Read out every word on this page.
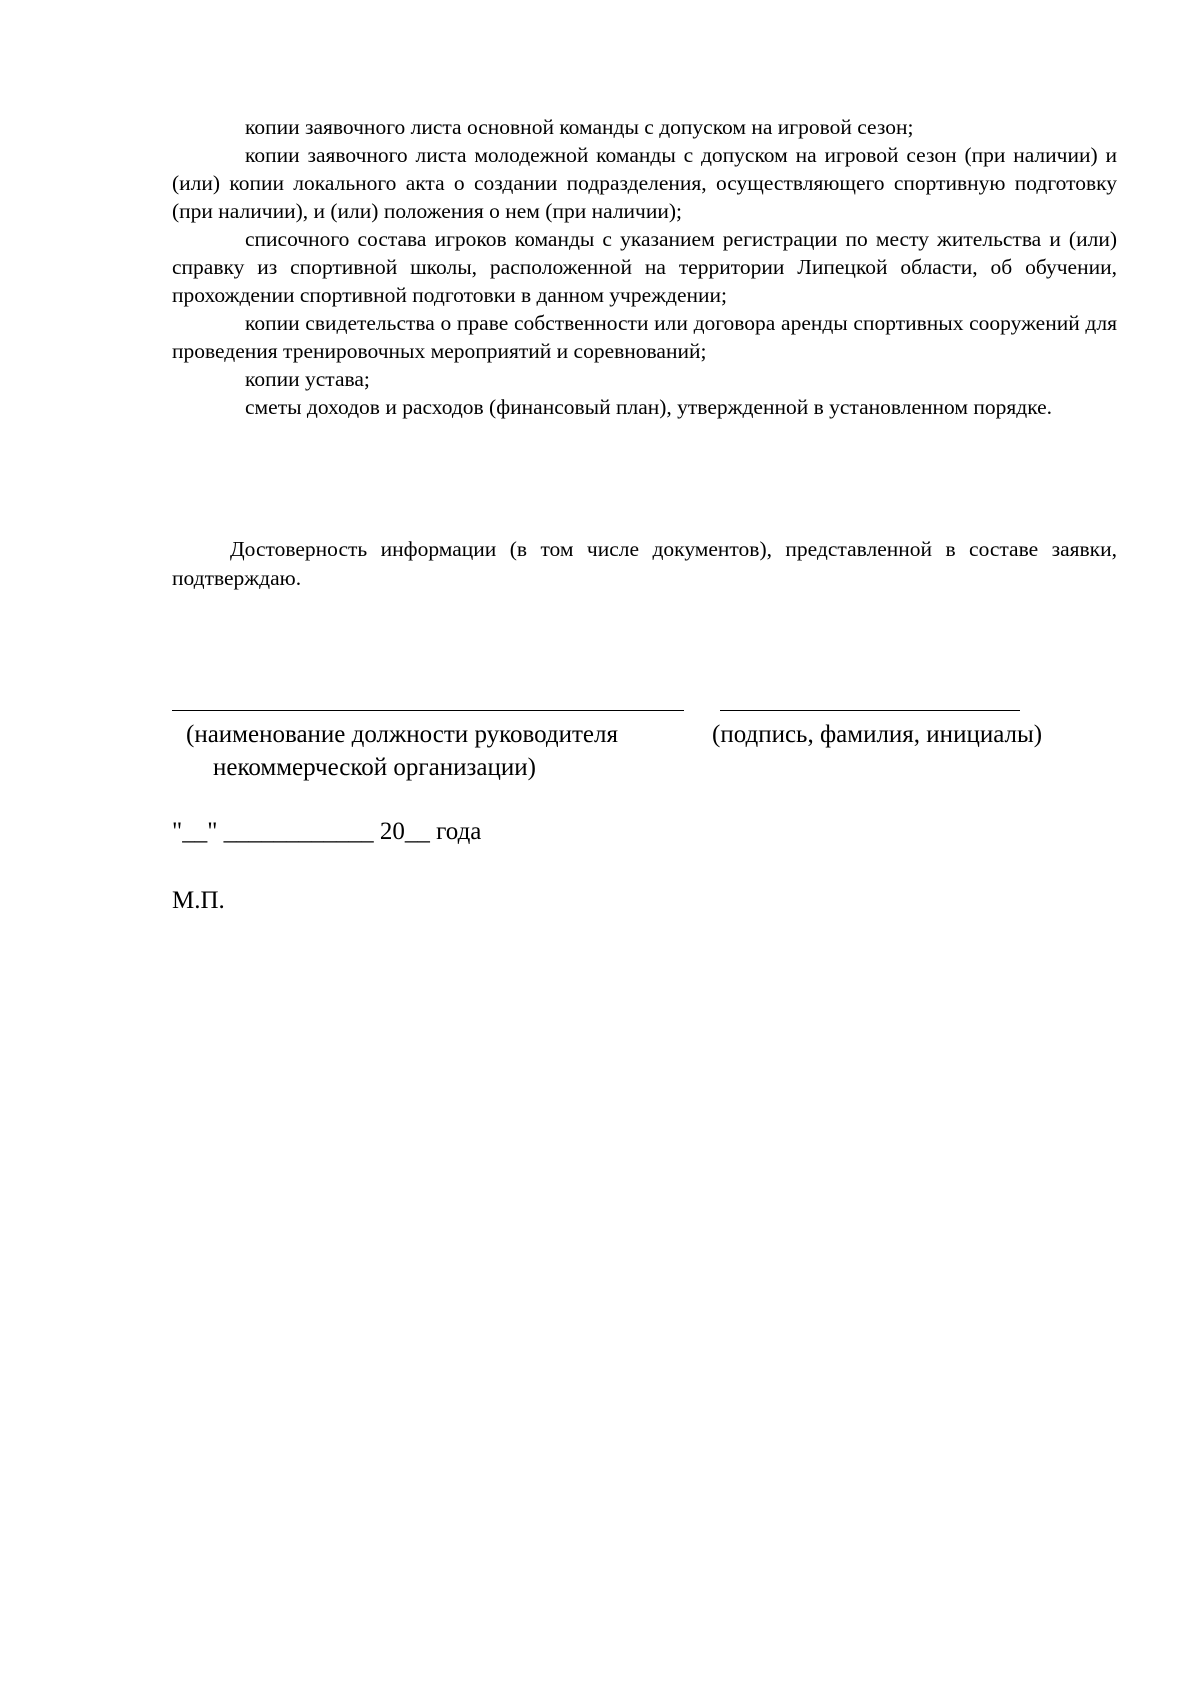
копии заявочного листа основной команды с допуском на игровой сезон;

копии заявочного листа молодежной команды с допуском на игровой сезон (при наличии) и (или) копии локального акта о создании подразделения, осуществляющего спортивную подготовку (при наличии), и (или) положения о нем (при наличии);

списочного состава игроков команды с указанием регистрации по месту жительства и (или) справку из спортивной школы, расположенной на территории Липецкой области, об обучении, прохождении спортивной подготовки в данном учреждении;

копии свидетельства о праве собственности или договора аренды спортивных сооружений для проведения тренировочных мероприятий и соревнований;

копии устава;

сметы доходов и расходов (финансовый план), утвержденной в установленном порядке.

Достоверность информации (в том числе документов), представленной в составе заявки, подтверждаю.

(наименование должности руководителя
некоммерческой организации)

(подпись, фамилия, инициалы)

"__" ____________ 20__ года

М.П.
